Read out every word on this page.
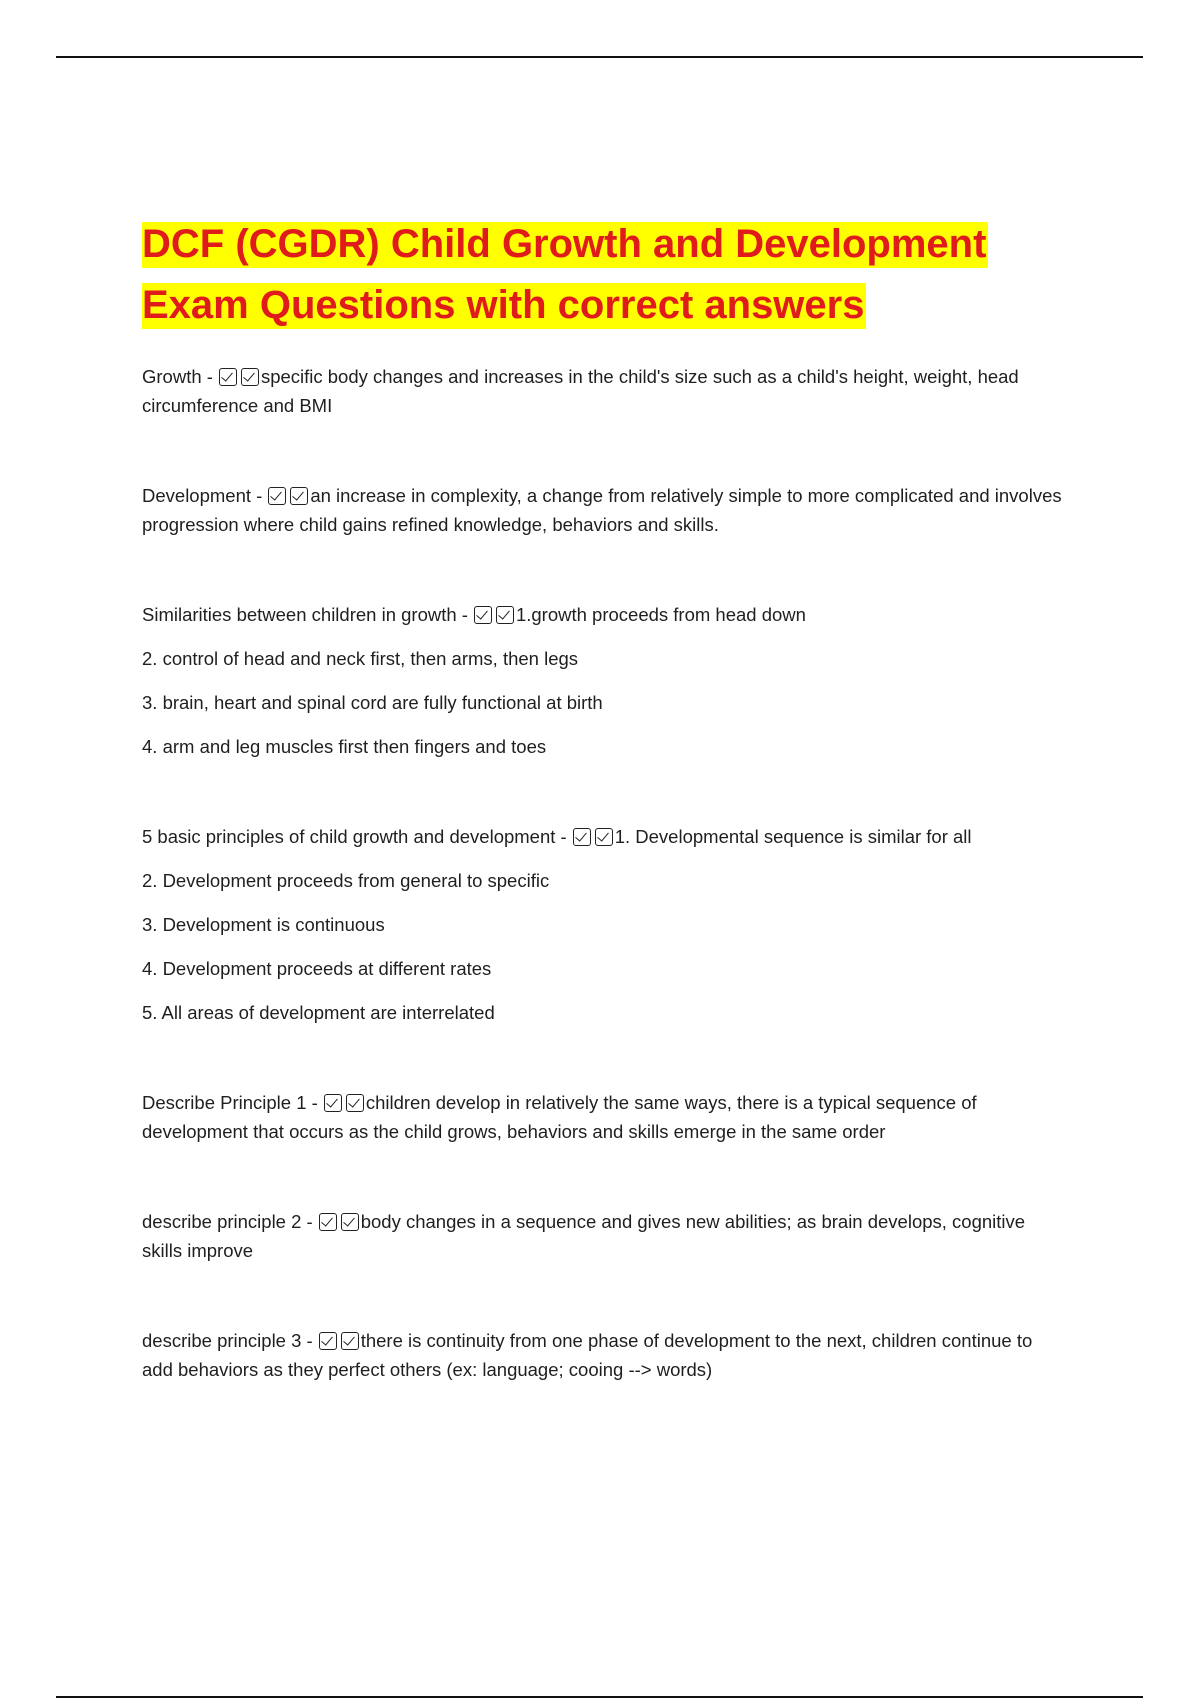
DCF (CGDR) Child Growth and Development
Exam Questions with correct answers

Growth -	specific body changes and increases in the child's size such as a child's height, weight, head circumference and BMI

Development -	an increase in complexity, a change from relatively simple to more complicated and involves progression where child gains refined knowledge, behaviors and skills.

Similarities between children in growth -	1.growth proceeds from head down

2. control of head and neck first, then arms, then legs

3. brain, heart and spinal cord are fully functional at birth

4. arm and leg muscles first then fingers and toes

5 basic principles of child growth and development -	1. Developmental sequence is similar for all

2. Development proceeds from general to specific

3. Development is continuous

4. Development proceeds at different rates

5. All areas of development are interrelated

Describe Principle 1 -	children develop in relatively the same ways, there is a typical sequence of development that occurs as the child grows, behaviors and skills emerge in the same order

describe principle 2 -	body changes in a sequence and gives new abilities; as brain develops, cognitive skills improve

describe principle 3 -	there is continuity from one phase of development to the next, children continue to add behaviors as they perfect others (ex: language; cooing --> words)
